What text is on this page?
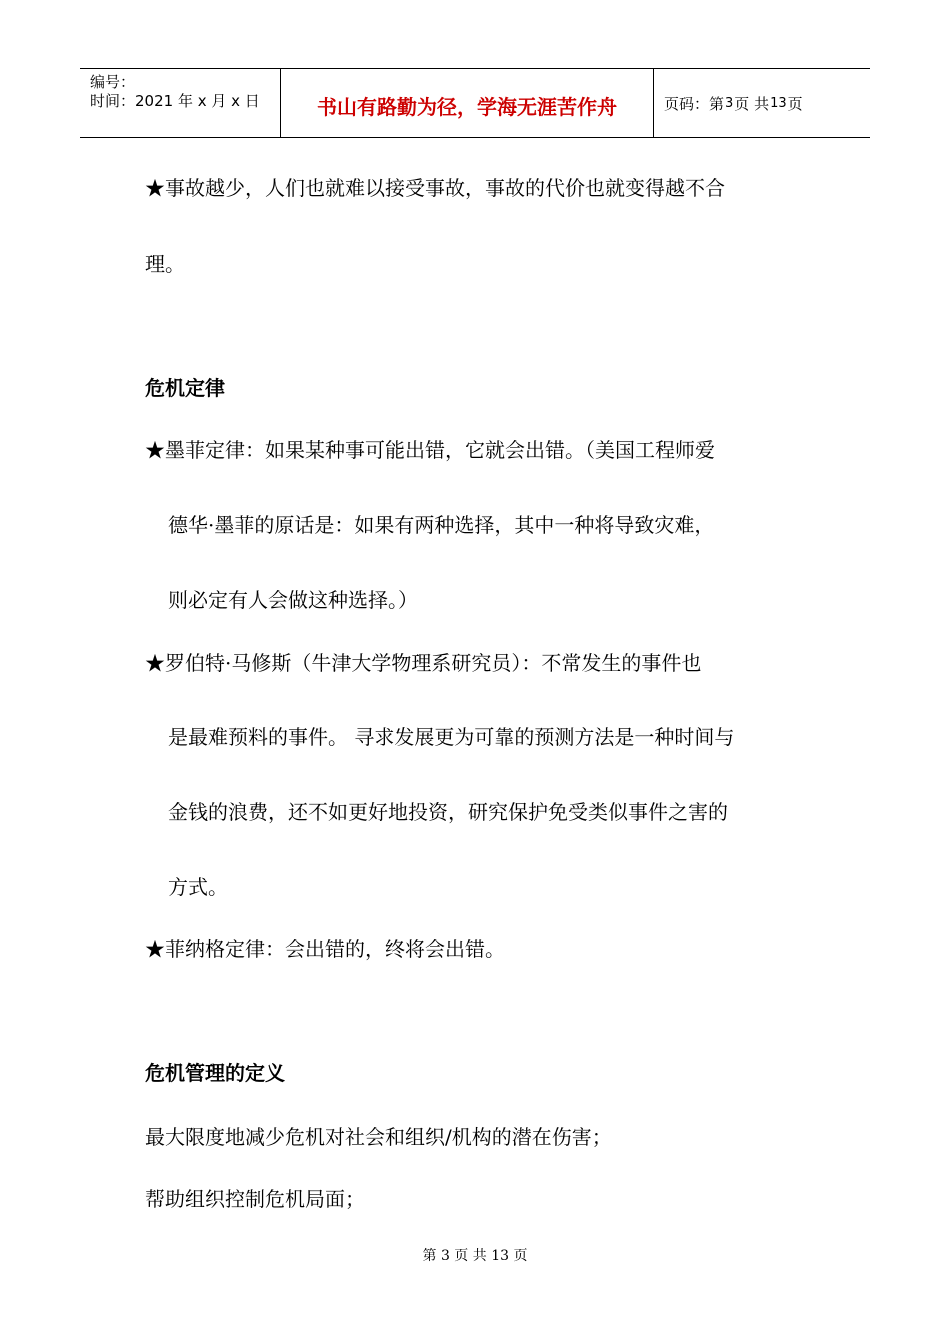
编号：
时间：2021 年 x 月 x 日	书山有路勤为径，学海无涯苦作舟	页码：第 3 页 共 13 页
★事故越少，人们也就难以接受事故，事故的代价也就变得越不合
理。
危机定律
★墨菲定律：如果某种事可能出错，它就会出错。（美国工程师爱
德华·墨菲的原话是：如果有两种选择，其中一种将导致灾难，
则必定有人会做这种选择。）
★罗伯特·马修斯（牛津大学物理系研究员）：不常发生的事件也
是最难预料的事件。 寻求发展更为可靠的预测方法是一种时间与
金钱的浪费，还不如更好地投资，研究保护免受类似事件之害的
方式。
★菲纳格定律：会出错的，终将会出错。
危机管理的定义
最大限度地减少危机对社会和组织/机构的潜在伤害；
帮助组织控制危机局面；
第 3 页 共 13 页
